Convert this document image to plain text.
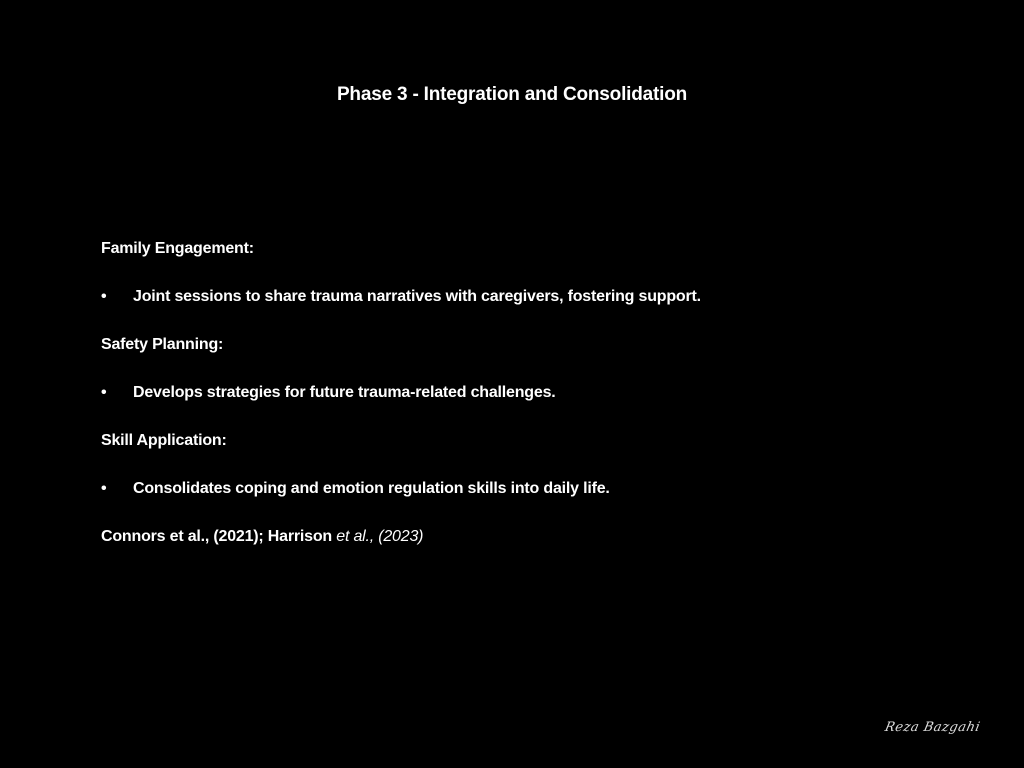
Phase 3 - Integration and Consolidation
Family Engagement:
• Joint sessions to share trauma narratives with caregivers, fostering support.
Safety Planning:
• Develops strategies for future trauma-related challenges.
Skill Application:
• Consolidates coping and emotion regulation skills into daily life.
Connors et al., (2021); Harrison et al., (2023)
Reza Bazgahi
